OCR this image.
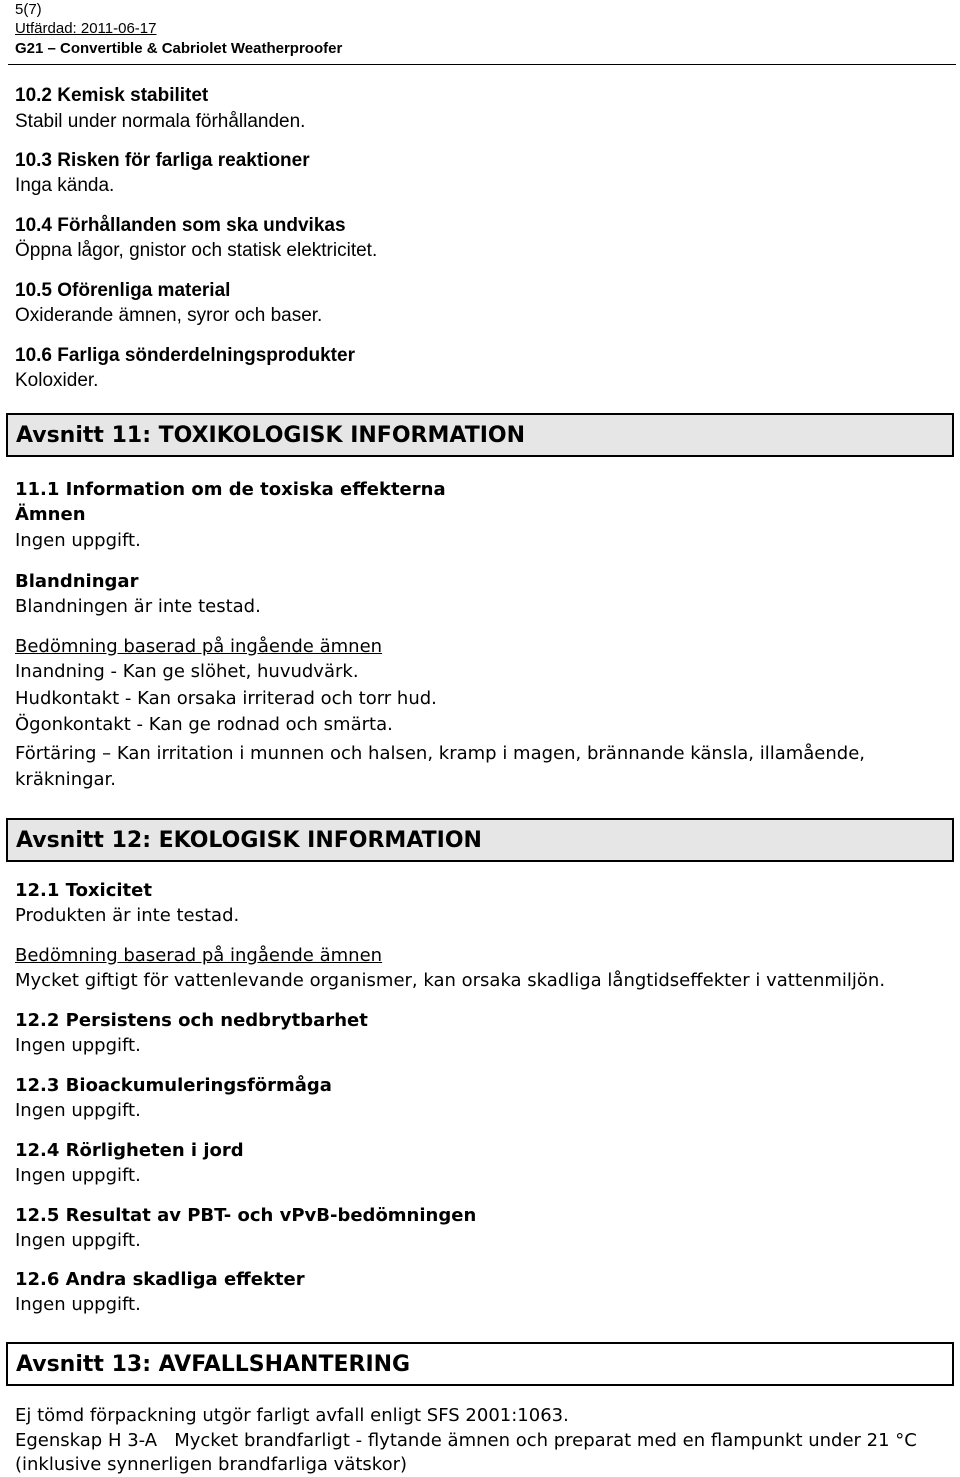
5(7)
Utfärdad: 2011-06-17
G21 – Convertible & Cabriolet Weatherproofer
10.2 Kemisk stabilitet
Stabil under normala förhållanden.
10.3 Risken för farliga reaktioner
Inga kända.
10.4 Förhållanden som ska undvikas
Öppna lågor, gnistor och statisk elektricitet.
10.5 Oförenliga material
Oxiderande ämnen, syror och baser.
10.6 Farliga sönderdelningsprodukter
Koloxider.
Avsnitt 11: TOXIKOLOGISK INFORMATION
11.1 Information om de toxiska effekterna
Ämnen
Ingen uppgift.
Blandningar
Blandningen är inte testad.
Bedömning baserad på ingående ämnen
Inandning - Kan ge slöhet, huvudvärk.
Hudkontakt - Kan orsaka irriterad och torr hud.
Ögonkontakt - Kan ge rodnad och smärta.
Förtäring – Kan irritation i munnen och halsen, kramp i magen, brännande känsla, illamående,
kräkningar.
Avsnitt 12: EKOLOGISK INFORMATION
12.1 Toxicitet
Produkten är inte testad.
Bedömning baserad på ingående ämnen
Mycket giftigt för vattenlevande organismer, kan orsaka skadliga långtidseffekter i vattenmiljön.
12.2 Persistens och nedbrytbarhet
Ingen uppgift.
12.3 Bioackumuleringsförmåga
Ingen uppgift.
12.4 Rörligheten i jord
Ingen uppgift.
12.5 Resultat av PBT- och vPvB-bedömningen
Ingen uppgift.
12.6 Andra skadliga effekter
Ingen uppgift.
Avsnitt 13: AVFALLSHANTERING
Ej tömd förpackning utgör farligt avfall enligt SFS 2001:1063.
Egenskap H 3-A   Mycket brandfarligt - flytande ämnen och preparat med en flampunkt under 21 °C
(inklusive synnerligen brandfarliga vätskor)
